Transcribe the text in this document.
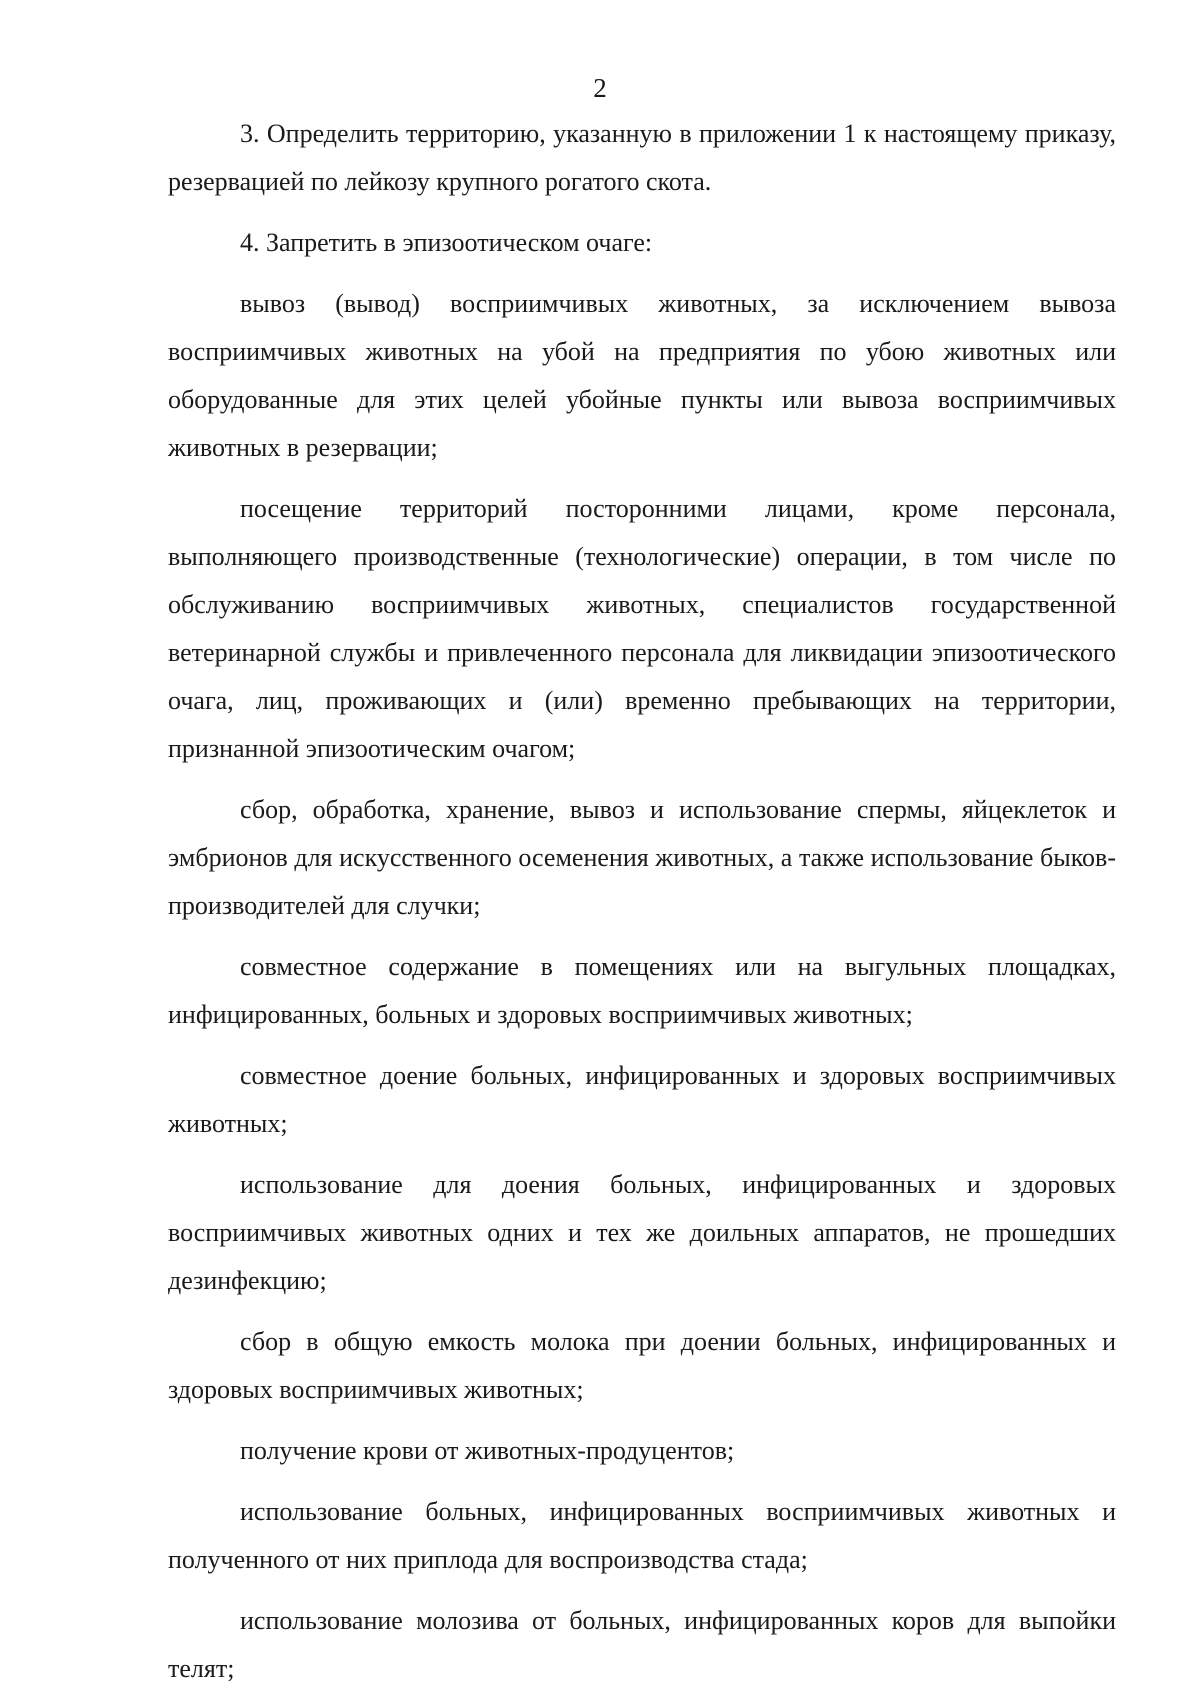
2

3. Определить территорию, указанную в приложении 1 к настоящему приказу, резервацией по лейкозу крупного рогатого скота.

4. Запретить в эпизоотическом очаге:

вывоз (вывод) восприимчивых животных, за исключением вывоза восприимчивых животных на убой на предприятия по убою животных или оборудованные для этих целей убойные пункты или вывоза восприимчивых животных в резервации;

посещение территорий посторонними лицами, кроме персонала, выполняющего производственные (технологические) операции, в том числе по обслуживанию восприимчивых животных, специалистов государственной ветеринарной службы и привлеченного персонала для ликвидации эпизоотического очага, лиц, проживающих и (или) временно пребывающих на территории, признанной эпизоотическим очагом;

сбор, обработка, хранение, вывоз и использование спермы, яйцеклеток и эмбрионов для искусственного осеменения животных, а также использование быков-производителей для случки;

совместное содержание в помещениях или на выгульных площадках, инфицированных, больных и здоровых восприимчивых животных;

совместное доение больных, инфицированных и здоровых восприимчивых животных;

использование для доения больных, инфицированных и здоровых восприимчивых животных одних и тех же доильных аппаратов, не прошедших дезинфекцию;

сбор в общую емкость молока при доении больных, инфицированных и здоровых восприимчивых животных;

получение крови от животных-продуцентов;

использование больных, инфицированных восприимчивых животных и полученного от них приплода для воспроизводства стада;

использование молозива от больных, инфицированных коров для выпойки телят;
